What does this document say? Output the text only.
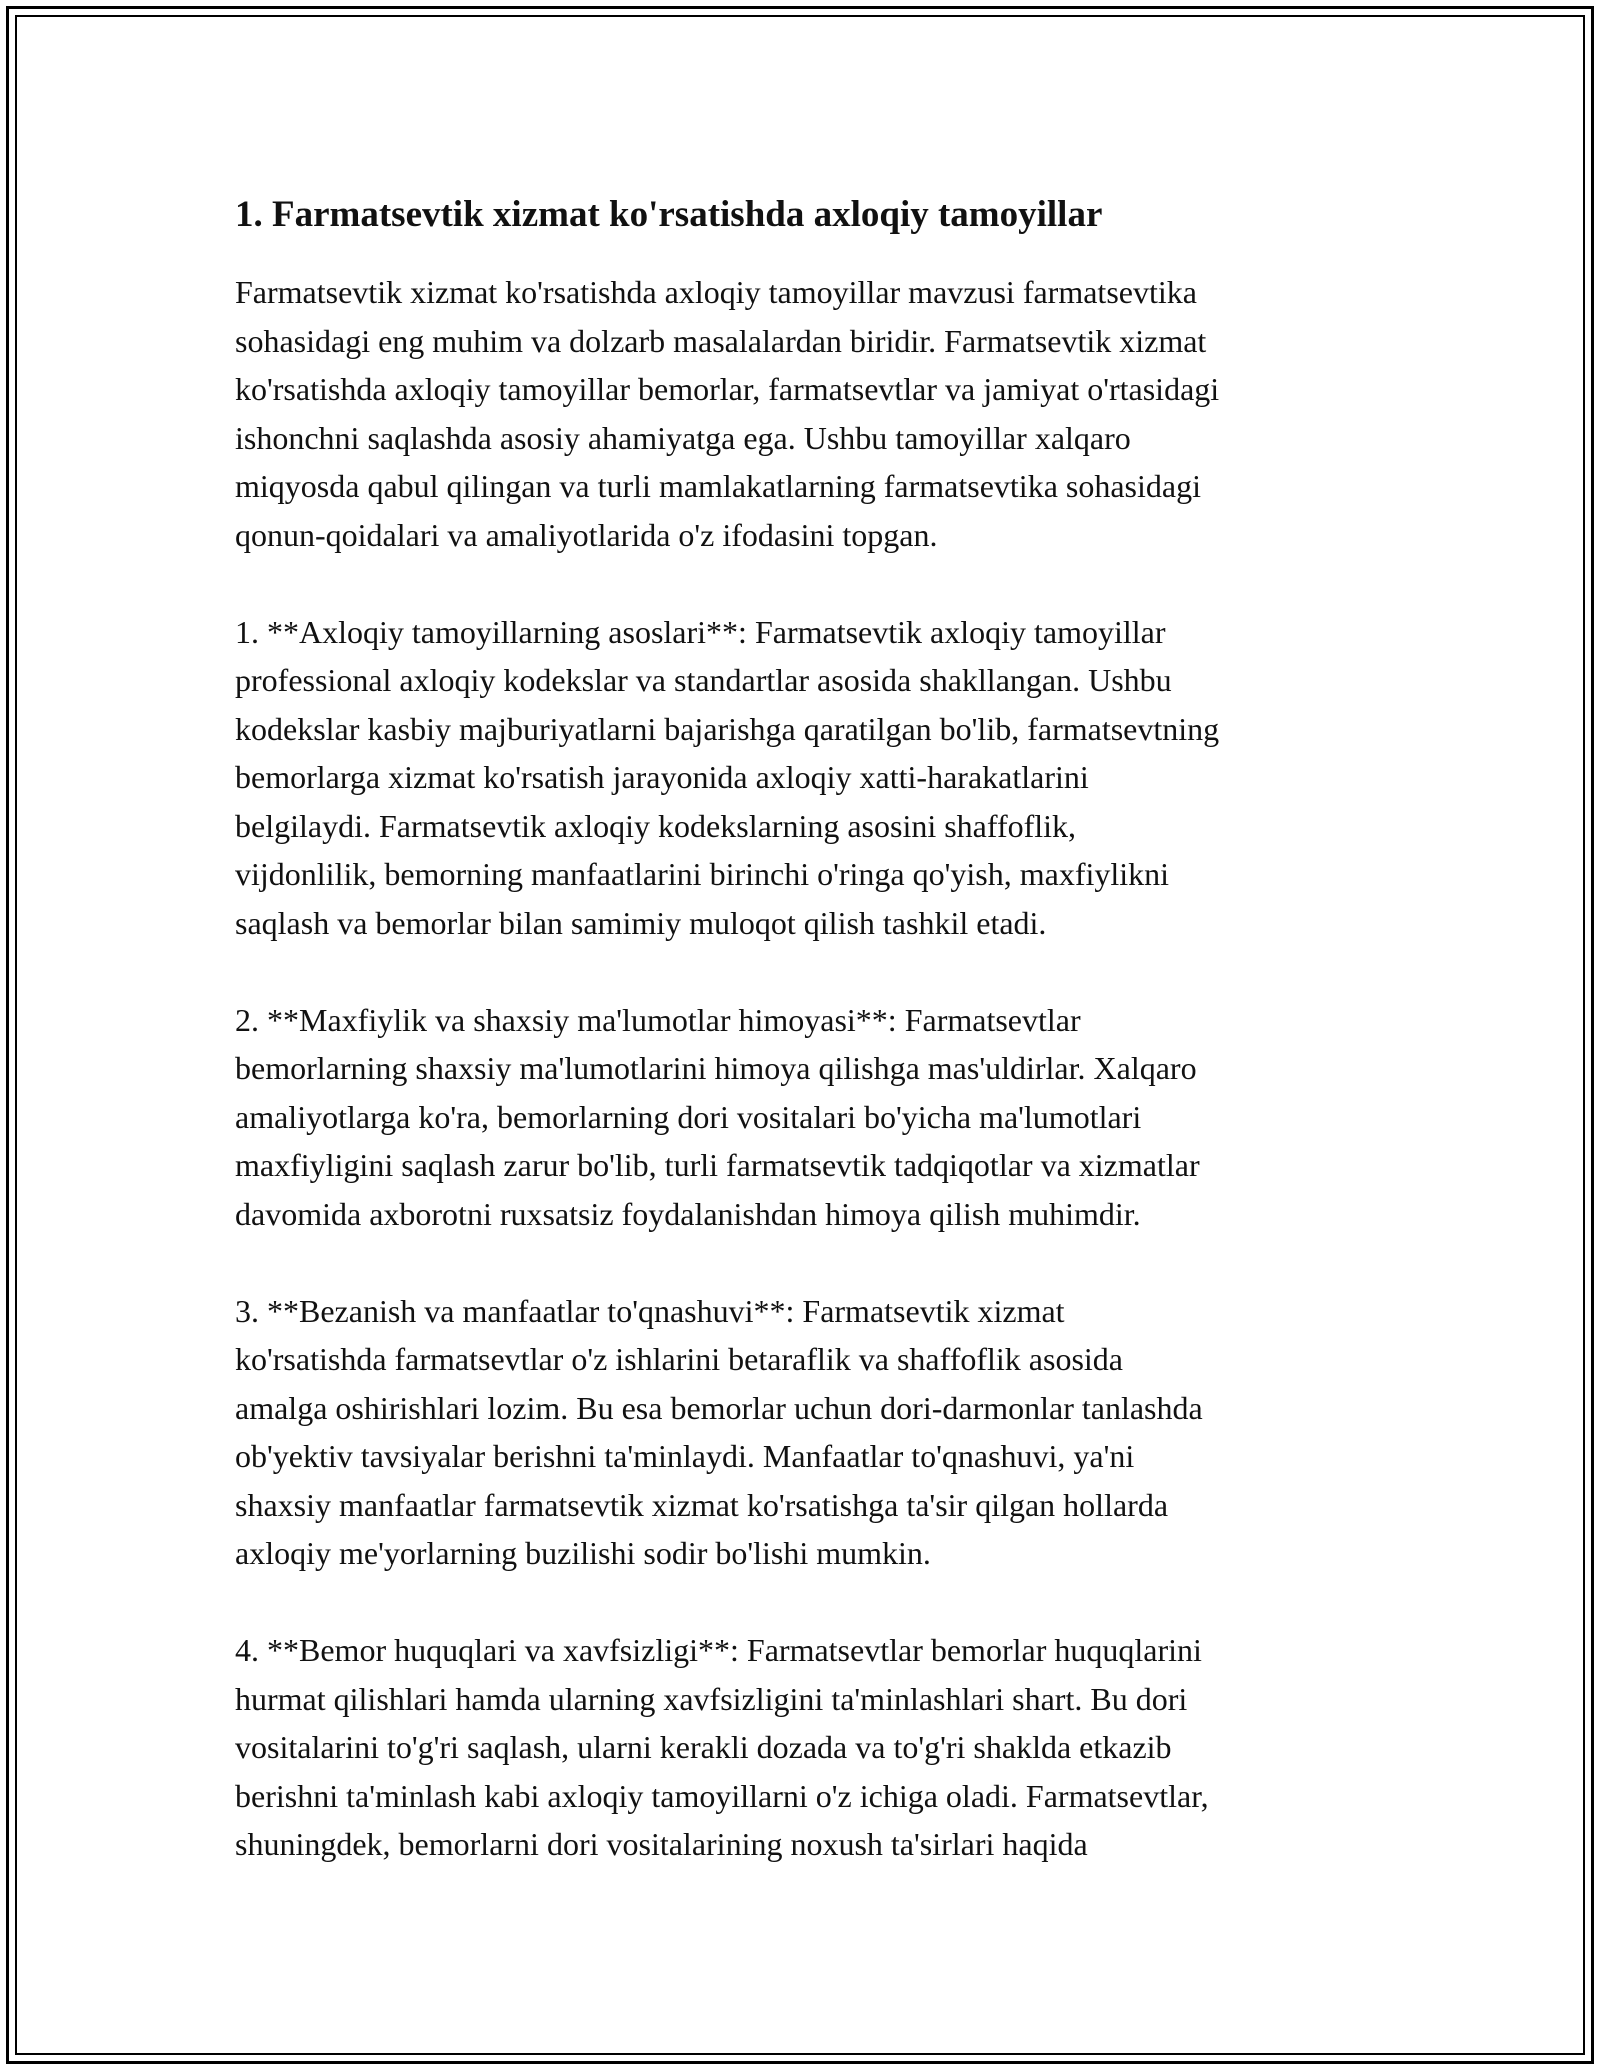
1. Farmatsevtik xizmat ko'rsatishda axloqiy tamoyillar
Farmatsevtik xizmat ko'rsatishda axloqiy tamoyillar mavzusi farmatsevtika
sohasidagi eng muhim va dolzarb masalalardan biridir. Farmatsevtik xizmat
ko'rsatishda axloqiy tamoyillar bemorlar, farmatsevtlar va jamiyat o'rtasidagi
ishonchni saqlashda asosiy ahamiyatga ega. Ushbu tamoyillar xalqaro
miqyosda qabul qilingan va turli mamlakatlarning farmatsevtika sohasidagi
qonun-qoidalari va amaliyotlarida o'z ifodasini topgan.
1. **Axloqiy tamoyillarning asoslari**: Farmatsevtik axloqiy tamoyillar
professional axloqiy kodekslar va standartlar asosida shakllangan. Ushbu
kodekslar kasbiy majburiyatlarni bajarishga qaratilgan bo'lib, farmatsevtning
bemorlarga xizmat ko'rsatish jarayonida axloqiy xatti-harakatlarini
belgilaydi. Farmatsevtik axloqiy kodekslarning asosini shaffoflik,
vijdonlilik, bemorning manfaatlarini birinchi o'ringa qo'yish, maxfiylikni
saqlash va bemorlar bilan samimiy muloqot qilish tashkil etadi.
2. **Maxfiylik va shaxsiy ma'lumotlar himoyasi**: Farmatsevtlar
bemorlarning shaxsiy ma'lumotlarini himoya qilishga mas'uldirlar. Xalqaro
amaliyotlarga ko'ra, bemorlarning dori vositalari bo'yicha ma'lumotlari
maxfiyligini saqlash zarur bo'lib, turli farmatsevtik tadqiqotlar va xizmatlar
davomida axborotni ruxsatsiz foydalanishdan himoya qilish muhimdir.
3. **Bezanish va manfaatlar to'qnashuvi**: Farmatsevtik xizmat
ko'rsatishda farmatsevtlar o'z ishlarini betaraflik va shaffoflik asosida
amalga oshirishlari lozim. Bu esa bemorlar uchun dori-darmonlar tanlashda
ob'yektiv tavsiyalar berishni ta'minlaydi. Manfaatlar to'qnashuvi, ya'ni
shaxsiy manfaatlar farmatsevtik xizmat ko'rsatishga ta'sir qilgan hollarda
axloqiy me'yorlarning buzilishi sodir bo'lishi mumkin.
4. **Bemor huquqlari va xavfsizligi**: Farmatsevtlar bemorlar huquqlarini
hurmat qilishlari hamda ularning xavfsizligini ta'minlashlari shart. Bu dori
vositalarini to'g'ri saqlash, ularni kerakli dozada va to'g'ri shaklda etkazib
berishni ta'minlash kabi axloqiy tamoyillarni o'z ichiga oladi. Farmatsevtlar,
shuningdek, bemorlarni dori vositalarining noxush ta'sirlari haqida
